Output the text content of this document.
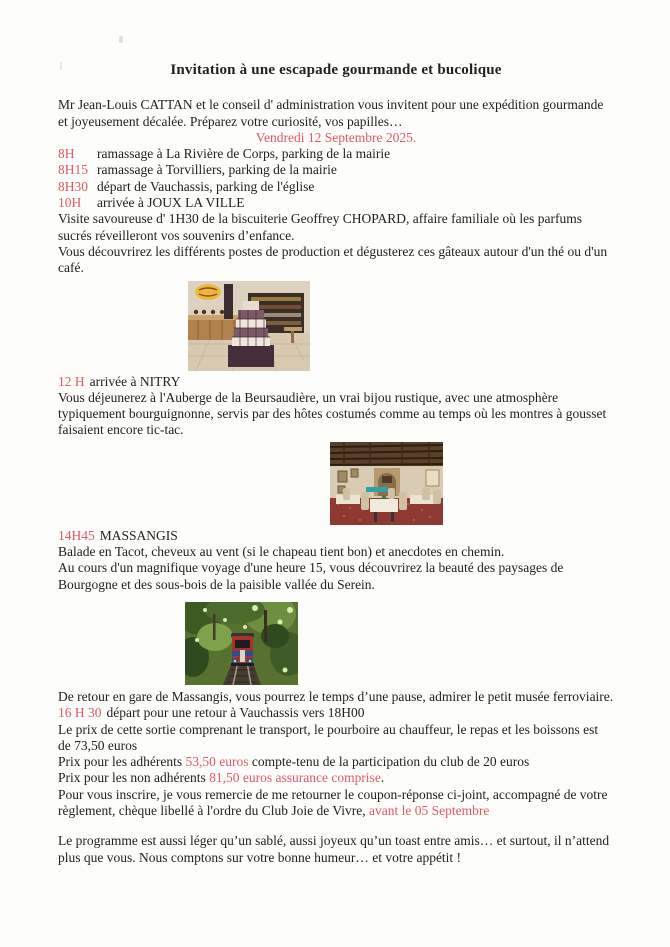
Invitation à une escapade gourmande et bucolique

Mr Jean-Louis CATTAN et le conseil d' administration vous invitent pour une expédition gourmande et joyeusement décalée. Préparez votre curiosité, vos papilles…

Vendredi 12 Septembre 2025.

8H ramassage à La Rivière de Corps, parking de la mairie
8H15 ramassage à Torvilliers, parking de la mairie
8H30 départ de Vauchassis, parking de l'église
10H arrivée à JOUX LA VILLE

Visite savoureuse d' 1H30 de la biscuiterie Geoffrey CHOPARD, affaire familiale où les parfums sucrés réveilleront vos souvenirs d’enfance.

Vous découvrirez les différents postes de production et dégusterez ces gâteaux autour d'un thé ou d'un café.

12 H arrivée à NITRY

Vous déjeunerez à l'Auberge de la Beursaudière, un vrai bijou rustique, avec une atmosphère typiquement bourguignonne, servis par des hôtes costumés comme au temps où les montres à gousset faisaient encore tic-tac.

14H45 MASSANGIS

Balade en Tacot, cheveux au vent (si le chapeau tient bon) et anecdotes en chemin.

Au cours d'un magnifique voyage d'une heure 15, vous découvrirez la beauté des paysages de Bourgogne et des sous-bois de la paisible vallée du Serein.

De retour en gare de Massangis, vous pourrez le temps d’une pause, admirer le petit musée ferroviaire.

16 H 30 départ pour une retour à Vauchassis vers 18H00

Le prix de cette sortie comprenant le transport, le pourboire au chauffeur, le repas et les boissons est de 73,50 euros

Prix pour les adhérents 53,50 euros compte-tenu de la participation du club de 20 euros

Prix pour les non adhérents 81,50 euros assurance comprise.

Pour vous inscrire, je vous remercie de me retourner le coupon-réponse ci-joint, accompagné de votre règlement, chèque libellé à l'ordre du Club Joie de Vivre, avant le 05 Septembre

Le programme est aussi léger qu’un sablé, aussi joyeux qu’un toast entre amis… et surtout, il n’attend plus que vous. Nous comptons sur votre bonne humeur… et votre appétit !
